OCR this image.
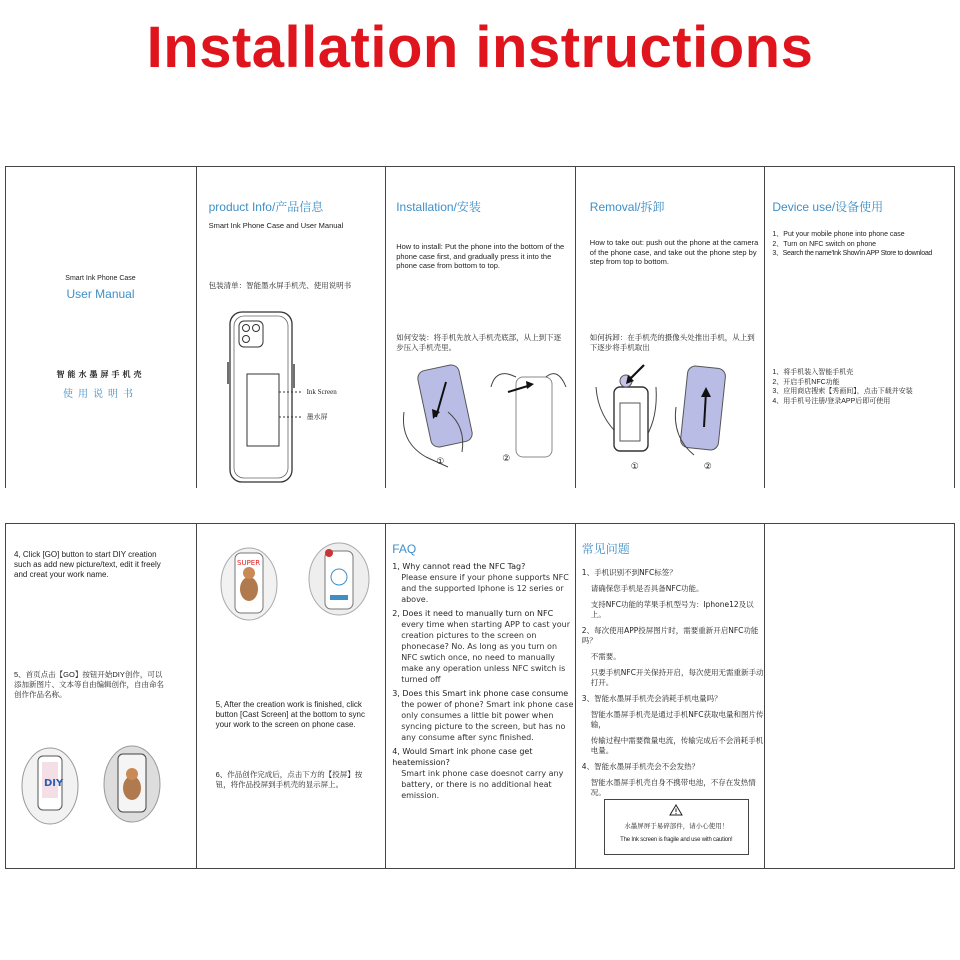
Installation instructions
Smart Ink Phone Case
User Manual
智能水墨屏手机壳
使用说明书
product Info/产品信息
Smart Ink Phone Case and User Manual
包装清单：智能墨水屏手机壳、使用说明书
Ink Screen
墨水屏
Installation/安装
How to install: Put the phone into the bottom of the phone case first, and gradually press it into the phone case from bottom to top.
如何安装：将手机先放入手机壳底部，从上到下逐步压入手机壳里。
①	②
Removal/拆卸
How to take out: push out the phone at the camera of the phone case, and take out the phone step by step from top to bottom.
如何拆卸：在手机壳的摄像头处推出手机，从上到下逐步将手机取出
①	②
Device use/设备使用
1、Put your mobile phone into phone case
2、Turn on NFC switch on phone
3、Search the name'Ink Show'in APP Store to download
1、将手机装入智能手机壳
2、开启手机NFC功能
3、应用商店搜索【秀画间】，点击下载并安装
4、用手机号注册/登录APP后即可使用
4, Click [GO] button to start DIY creation such as add new picture/text, edit it freely and creat your work name.
5、首页点击【GO】按钮开始DIY创作，可以添加新图片、文本等自由编辑创作，自由命名创作作品名称。
DIY
SUPER
5, After the creation work is finished, click button [Cast Screen] at the bottom to sync your work to the screen on phone case.
6、作品创作完成后，点击下方的【投屏】按钮，将作品投屏到手机壳的显示屏上。
FAQ

1, Why cannot read the NFC Tag?

Please ensure if your phone supports NFC and the supported Iphone is 12 series or above.

2, Does it need to manually turn on NFC

every time when starting APP to cast your creation pictures to the screen on phonecase? No. As long as you turn on NFC swtich once, no need to manually make any operation unless NFC switch is turned off

3, Does this Smart ink phone case consume

the power of phone? Smart ink phone case only consumes a little bit power when syncing picture to the screen, but has no any consume after sync finished.

4, Would Smart ink phone case get heatemission?

Smart ink phone case doesnot carry any battery, or there is no additional heat emission.

常见问题

1、手机识别不到NFC标签？

请确保您手机是否具备NFC功能。

支持NFC功能的苹果手机型号为：Iphone12及以上。

2、每次使用APP投屏图片时，需要重新开启NFC功能吗？

不需要。

只要手机NFC开关保持开启，每次使用无需重新手动打开。

3、智能水墨屏手机壳会消耗手机电量吗？

智能水墨屏手机壳是通过手机NFC获取电量和图片传输，

传输过程中需要微量电流，传输完成后不会消耗手机电量。

4、智能水墨屏手机壳会不会发热？

智能水墨屏手机壳自身不携带电池，不存在发热情况。

水墨屏屏于易碎部件，请小心使用！
The Ink screen is fragile and use with caution!
